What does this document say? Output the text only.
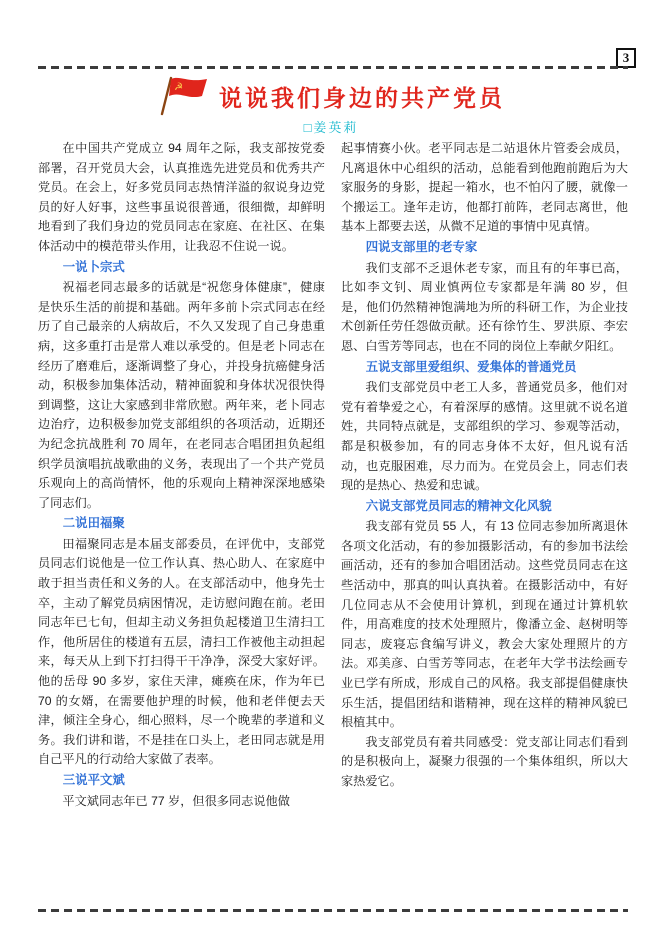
3
☭ 说说我们身边的共产党员
□姜英莉

在中国共产党成立 94 周年之际，我支部按党委部署，召开党员大会，认真推选先进党员和优秀共产党员。在会上，好多党员同志热情洋溢的叙说身边党员的好人好事，这些事虽说很普通，很细微，却鲜明地看到了我们身边的党员同志在家庭、在社区、在集体活动中的模范带头作用，让我忍不住说一说。

一说卜宗式

祝福老同志最多的话就是“祝您身体健康”，健康是快乐生活的前提和基础。两年多前卜宗式同志在经历了自己最亲的人病故后，不久又发现了自己身患重病，这多重打击是常人难以承受的。但是老卜同志在经历了磨难后，逐渐调整了身心，并投身抗癌健身活动，积极参加集体活动，精神面貌和身体状况很快得到调整，这让大家感到非常欣慰。两年来，老卜同志边治疗，边积极参加党支部组织的各项活动，近期还为纪念抗战胜利 70 周年，在老同志合唱团担负起组织学员演唱抗战歌曲的义务，表现出了一个共产党员乐观向上的高尚情怀，他的乐观向上精神深深地感染了同志们。

二说田福聚

田福聚同志是本届支部委员，在评优中，支部党员同志们说他是一位工作认真、热心助人、在家庭中敢于担当责任和义务的人。在支部活动中，他身先士卒，主动了解党员病困情况，走访慰问跑在前。老田同志年已七旬，但却主动义务担负起楼道卫生清扫工作，他所居住的楼道有五层，清扫工作被他主动担起来，每天从上到下打扫得干干净净，深受大家好评。他的岳母 90 多岁，家住天津，瘫痪在床，作为年已 70 的女婿，在需要他护理的时候，他和老伴便去天津，倾注全身心，细心照料，尽一个晚辈的孝道和义务。我们讲和谐，不是挂在口头上，老田同志就是用自己平凡的行动给大家做了表率。

三说平文斌

平文斌同志年已 77 岁，但很多同志说他做

起事情赛小伙。老平同志是二站退休片管委会成员，凡离退休中心组织的活动，总能看到他跑前跑后为大家服务的身影，提起一箱水，也不怕闪了腰，就像一个搬运工。逢年走访，他都打前阵，老同志离世，他基本上都要去送，从微不足道的事情中见真情。

四说支部里的老专家

我们支部不乏退休老专家，而且有的年事已高，比如李文钊、周业慎两位专家都是年满 80 岁，但是，他们仍然精神饱满地为所的科研工作，为企业技术创新任劳任怨做贡献。还有徐竹生、罗洪原、李宏恩、白雪芳等同志，也在不同的岗位上奉献夕阳红。

五说支部里爱组织、爱集体的普通党员

我们支部党员中老工人多，普通党员多，他们对党有着挚爱之心，有着深厚的感情。这里就不说名道姓，共同特点就是，支部组织的学习、参观等活动，都是积极参加，有的同志身体不太好，但凡说有活动，也克服困难，尽力而为。在党员会上，同志们表现的是热心、热爱和忠诚。

六说支部党员同志的精神文化风貌

我支部有党员 55 人，有 13 位同志参加所离退休各项文化活动，有的参加摄影活动，有的参加书法绘画活动，还有的参加合唱团活动。这些党员同志在这些活动中，那真的叫认真执着。在摄影活动中，有好几位同志从不会使用计算机，到现在通过计算机软件，用高难度的技术处理照片，像潘立金、赵树明等同志，废寝忘食编写讲义，教会大家处理照片的方法。邓美彦、白雪芳等同志，在老年大学书法绘画专业已学有所成，形成自己的风格。我支部提倡健康快乐生活，提倡团结和谐精神，现在这样的精神风貌已根植其中。

我支部党员有着共同感受：党支部让同志们看到的是积极向上，凝聚力很强的一个集体组织，所以大家热爱它。
